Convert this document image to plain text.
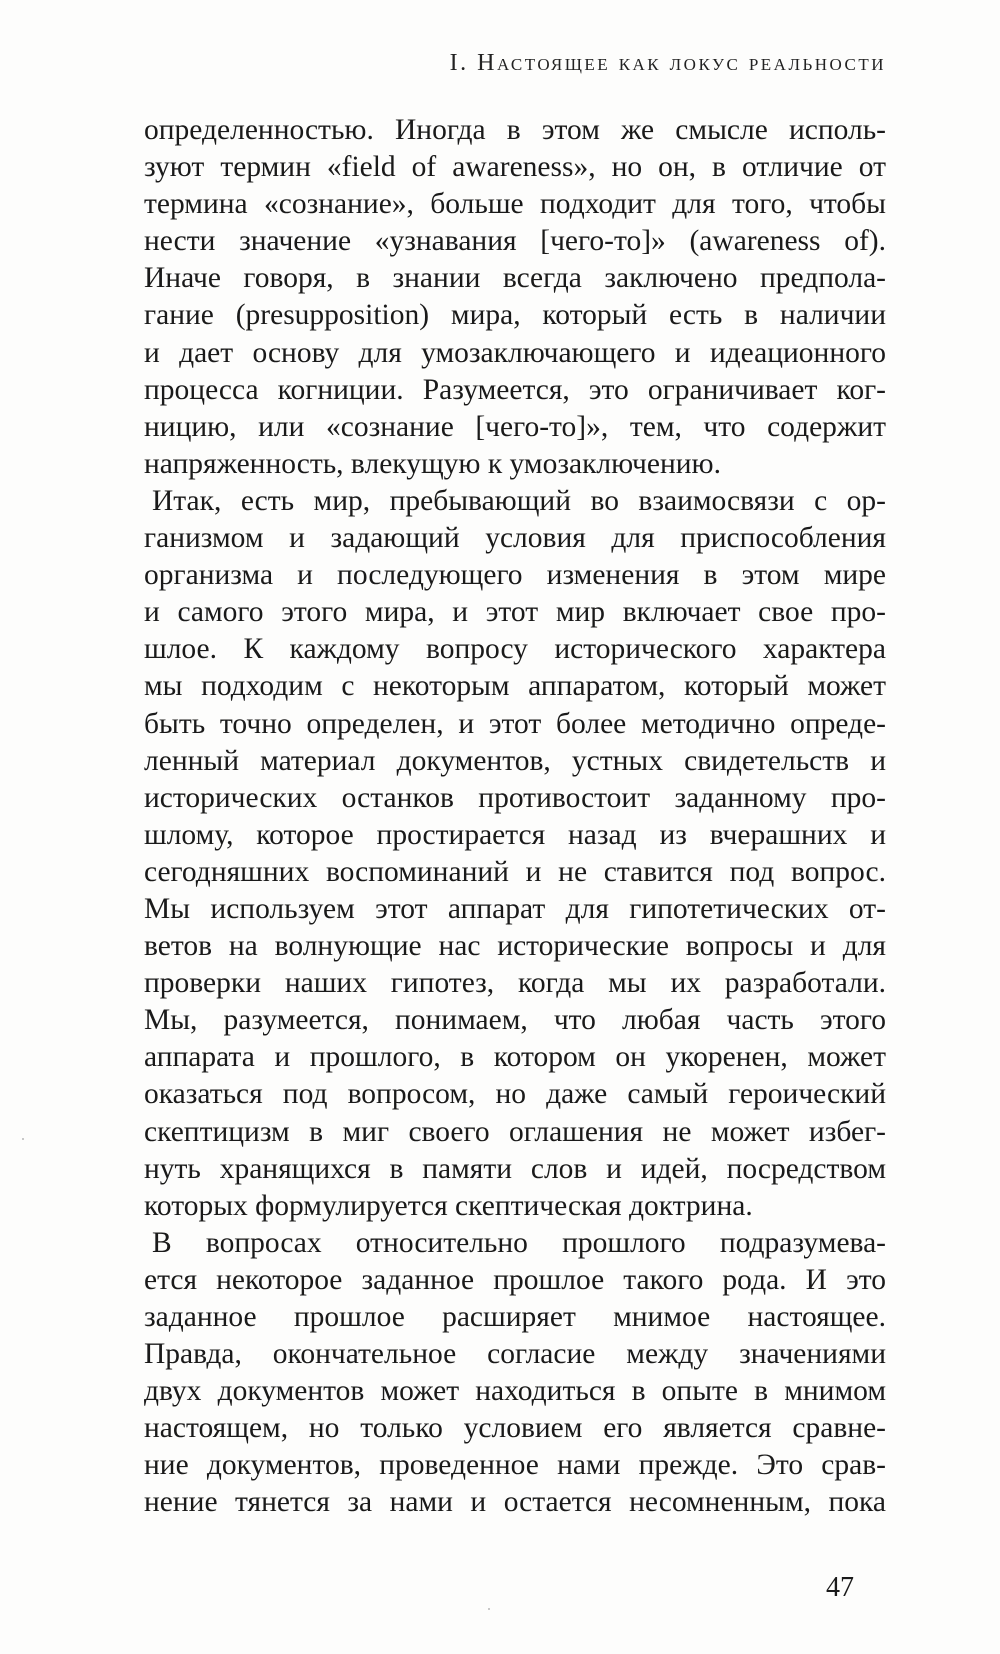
I. Настоящее как локус реальности
определенностью. Иногда в этом же смысле исполь-
зуют термин «field of awareness», но он, в отличие от
термина «сознание», больше подходит для того, чтобы
нести значение «узнавания [чего-то]» (awareness of).
Иначе говоря, в знании всегда заключено предпола-
гание (presupposition) мира, который есть в наличии
и дает основу для умозаключающего и идеационного
процесса когниции. Разумеется, это ограничивает ког-
ницию, или «сознание [чего-то]», тем, что содержит
напряженность, влекущую к умозаключению.
Итак, есть мир, пребывающий во взаимосвязи с ор-
ганизмом и задающий условия для приспособления
организма и последующего изменения в этом мире
и самого этого мира, и этот мир включает свое про-
шлое. К каждому вопросу исторического характера
мы подходим с некоторым аппаратом, который может
быть точно определен, и этот более методично опреде-
ленный материал документов, устных свидетельств и
исторических останков противостоит заданному про-
шлому, которое простирается назад из вчерашних и
сегодняшних воспоминаний и не ставится под вопрос.
Мы используем этот аппарат для гипотетических от-
ветов на волнующие нас исторические вопросы и для
проверки наших гипотез, когда мы их разработали.
Мы, разумеется, понимаем, что любая часть этого
аппарата и прошлого, в котором он укоренен, может
оказаться под вопросом, но даже самый героический
скептицизм в миг своего оглашения не может избег-
нуть хранящихся в памяти слов и идей, посредством
которых формулируется скептическая доктрина.
В вопросах относительно прошлого подразумева-
ется некоторое заданное прошлое такого рода. И это
заданное прошлое расширяет мнимое настоящее.
Правда, окончательное согласие между значениями
двух документов может находиться в опыте в мнимом
настоящем, но только условием его является сравне-
ние документов, проведенное нами прежде. Это срав-
нение тянется за нами и остается несомненным, пока
47
